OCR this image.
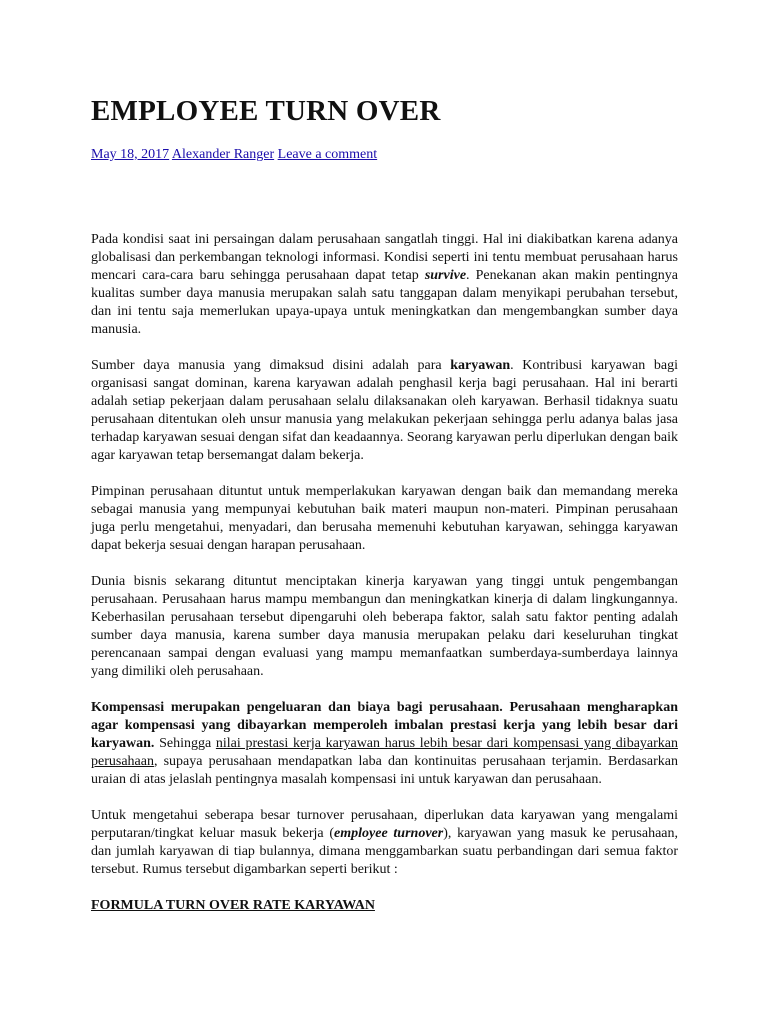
EMPLOYEE TURN OVER
May 18, 2017 Alexander Ranger Leave a comment

Pada kondisi saat ini persaingan dalam perusahaan sangatlah tinggi. Hal ini diakibatkan karena adanya globalisasi dan perkembangan teknologi informasi. Kondisi seperti ini tentu membuat perusahaan harus mencari cara-cara baru sehingga perusahaan dapat tetap survive. Penekanan akan makin pentingnya kualitas sumber daya manusia merupakan salah satu tanggapan dalam menyikapi perubahan tersebut, dan ini tentu saja memerlukan upaya-upaya untuk meningkatkan dan mengembangkan sumber daya manusia.

Sumber daya manusia yang dimaksud disini adalah para karyawan. Kontribusi karyawan bagi organisasi sangat dominan, karena karyawan adalah penghasil kerja bagi perusahaan. Hal ini berarti adalah setiap pekerjaan dalam perusahaan selalu dilaksanakan oleh karyawan. Berhasil tidaknya suatu perusahaan ditentukan oleh unsur manusia yang melakukan pekerjaan sehingga perlu adanya balas jasa terhadap karyawan sesuai dengan sifat dan keadaannya. Seorang karyawan perlu diperlukan dengan baik agar karyawan tetap bersemangat dalam bekerja.

Pimpinan perusahaan dituntut untuk memperlakukan karyawan dengan baik dan memandang mereka sebagai manusia yang mempunyai kebutuhan baik materi maupun non-materi. Pimpinan perusahaan juga perlu mengetahui, menyadari, dan berusaha memenuhi kebutuhan karyawan, sehingga karyawan dapat bekerja sesuai dengan harapan perusahaan.

Dunia bisnis sekarang dituntut menciptakan kinerja karyawan yang tinggi untuk pengembangan perusahaan. Perusahaan harus mampu membangun dan meningkatkan kinerja di dalam lingkungannya. Keberhasilan perusahaan tersebut dipengaruhi oleh beberapa faktor, salah satu faktor penting adalah sumber daya manusia, karena sumber daya manusia merupakan pelaku dari keseluruhan tingkat perencanaan sampai dengan evaluasi yang mampu memanfaatkan sumberdaya-sumberdaya lainnya yang dimiliki oleh perusahaan.

Kompensasi merupakan pengeluaran dan biaya bagi perusahaan. Perusahaan mengharapkan agar kompensasi yang dibayarkan memperoleh imbalan prestasi kerja yang lebih besar dari karyawan. Sehingga nilai prestasi kerja karyawan harus lebih besar dari kompensasi yang dibayarkan perusahaan, supaya perusahaan mendapatkan laba dan kontinuitas perusahaan terjamin. Berdasarkan uraian di atas jelaslah pentingnya masalah kompensasi ini untuk karyawan dan perusahaan.

Untuk mengetahui seberapa besar turnover perusahaan, diperlukan data karyawan yang mengalami perputaran/tingkat keluar masuk bekerja (employee turnover), karyawan yang masuk ke perusahaan, dan jumlah karyawan di tiap bulannya, dimana menggambarkan suatu perbandingan dari semua faktor tersebut. Rumus tersebut digambarkan seperti berikut :

FORMULA TURN OVER RATE KARYAWAN
